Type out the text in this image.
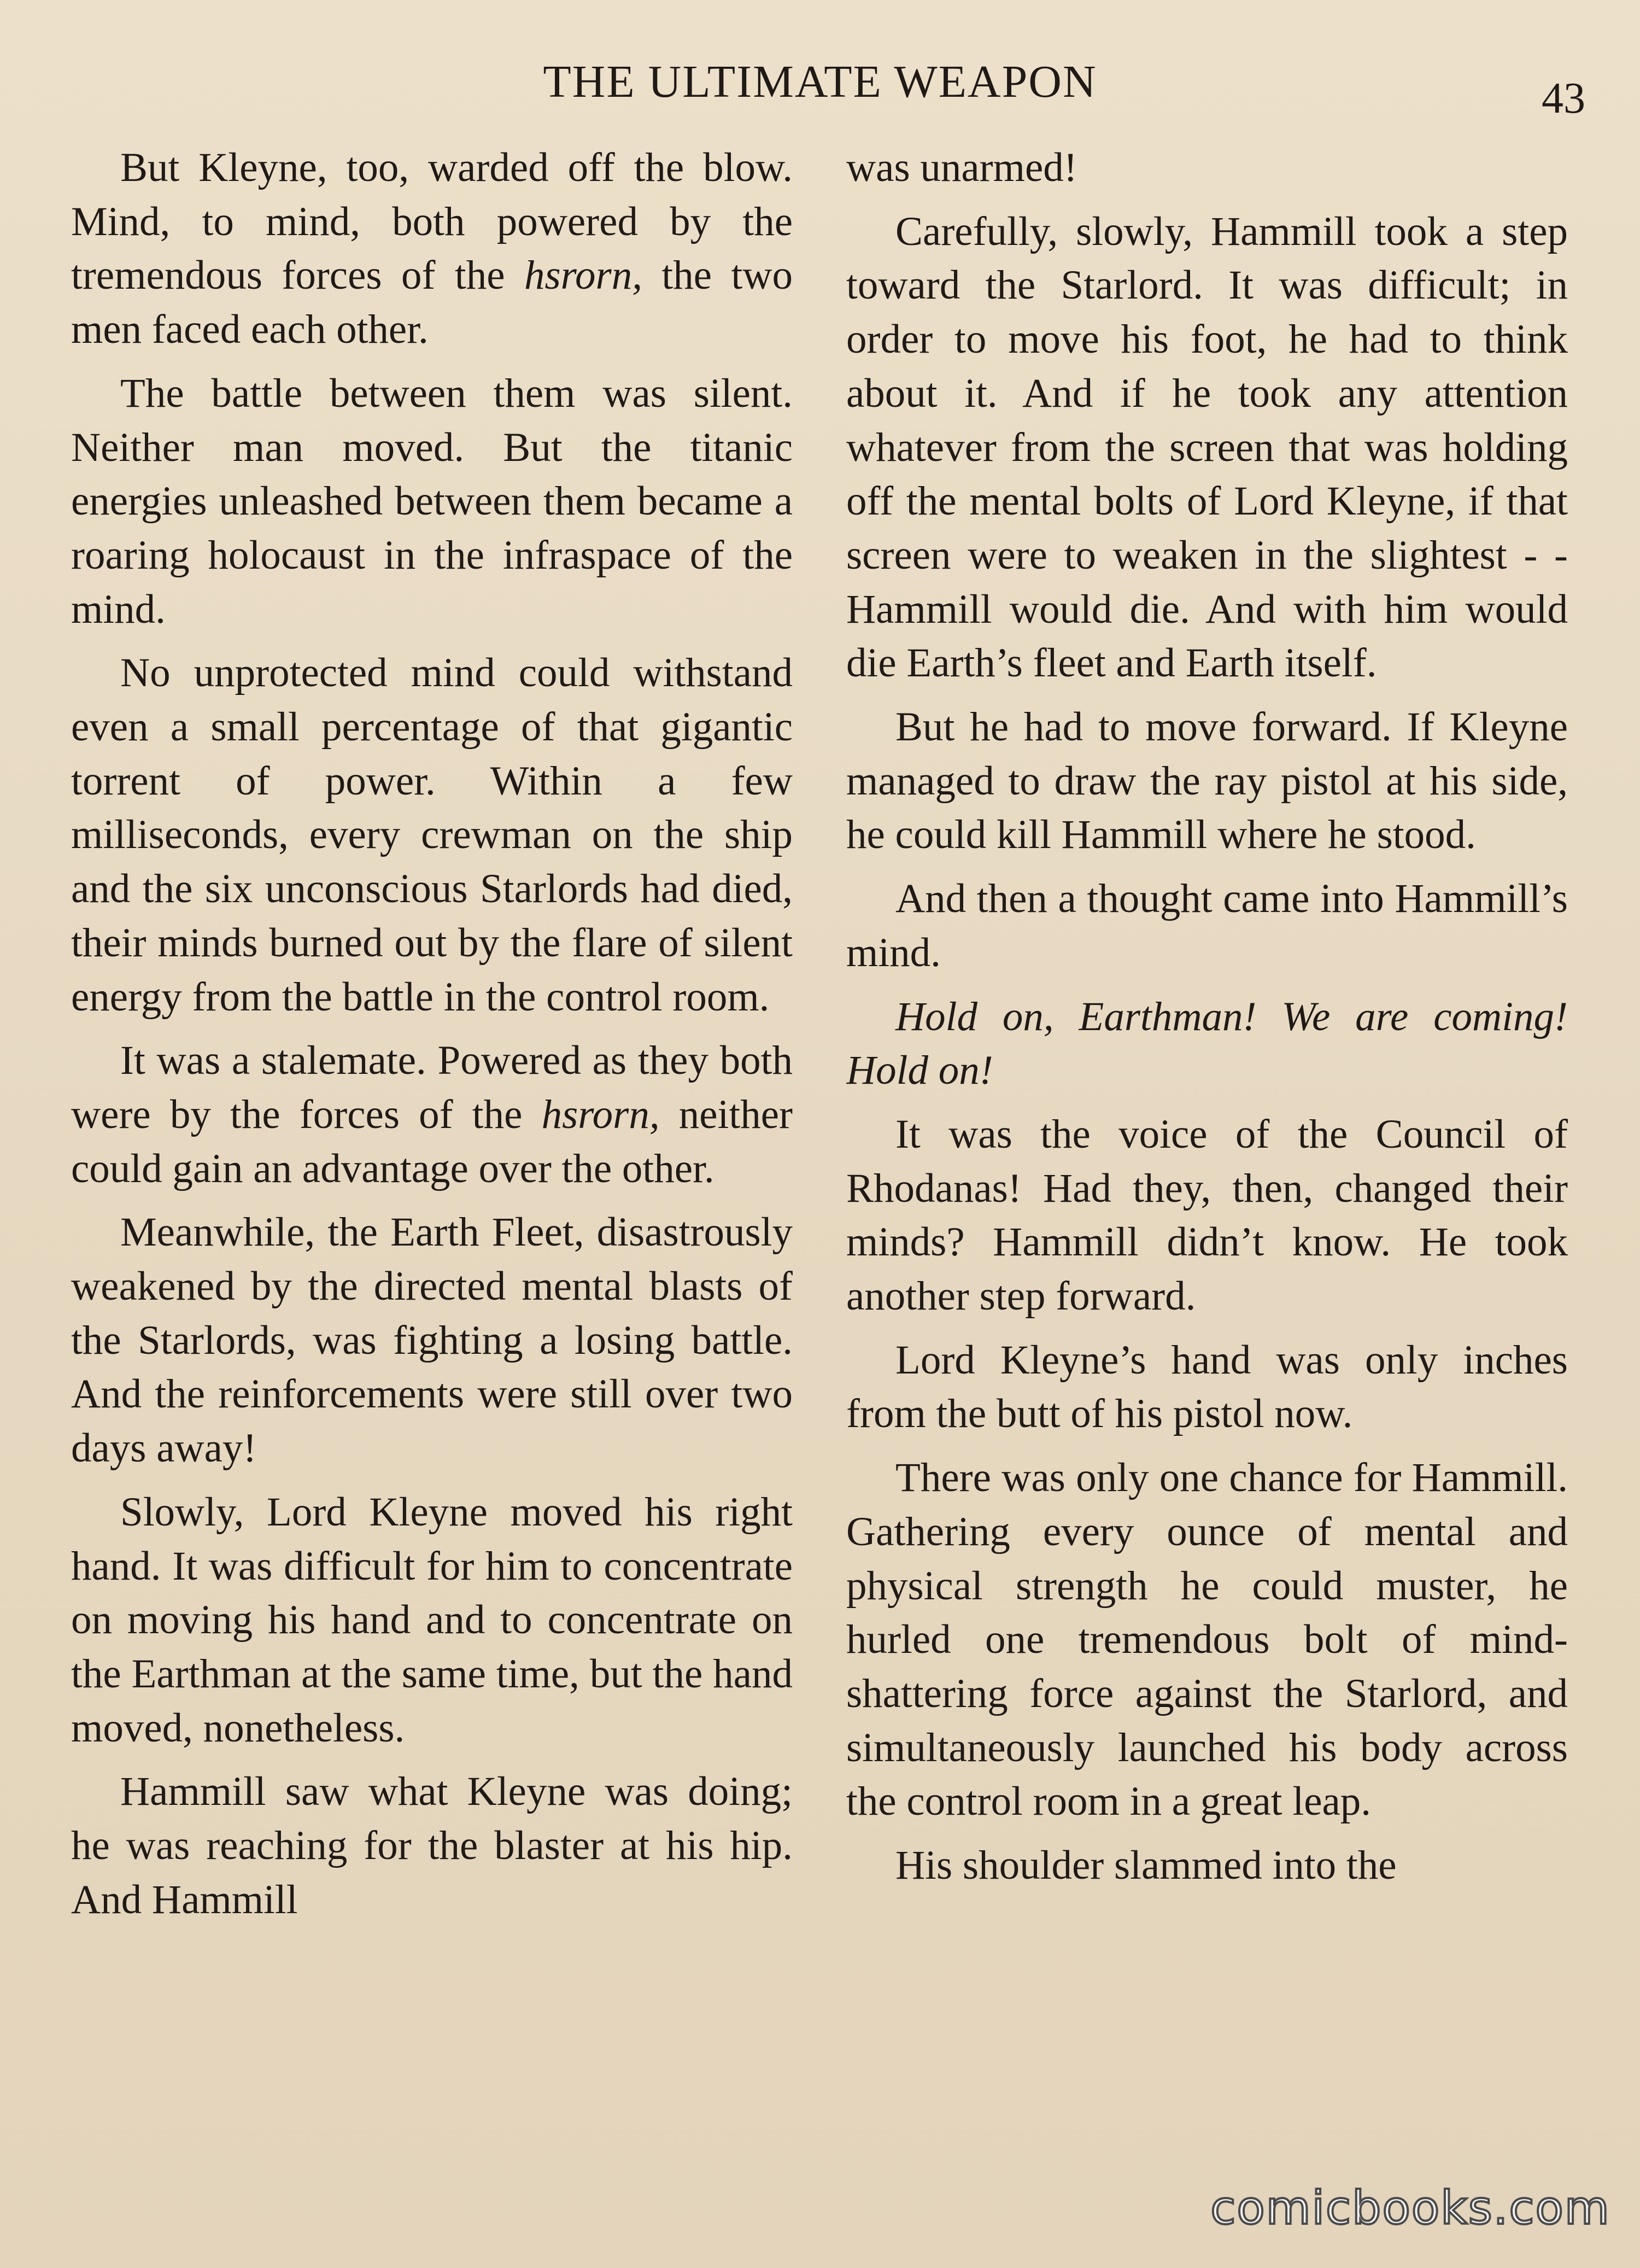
THE ULTIMATE WEAPON	43

But Kleyne, too, warded off the blow. Mind, to mind, both powered by the tremendous forces of the hsrorn, the two men faced each other.

The battle between them was silent. Neither man moved. But the titanic energies unleashed between them became a roaring holocaust in the infraspace of the mind.

No unprotected mind could withstand even a small percentage of that gigantic torrent of power. Within a few milliseconds, every crewman on the ship and the six unconscious Starlords had died, their minds burned out by the flare of silent energy from the battle in the control room.

It was a stalemate. Powered as they both were by the forces of the hsrorn, neither could gain an advantage over the other.

Meanwhile, the Earth Fleet, disastrously weakened by the directed mental blasts of the Starlords, was fighting a losing battle. And the reinforcements were still over two days away!

Slowly, Lord Kleyne moved his right hand. It was difficult for him to concentrate on moving his hand and to concentrate on the Earthman at the same time, but the hand moved, nonetheless.

Hammill saw what Kleyne was doing; he was reaching for the blaster at his hip. And Hammill

was unarmed!

Carefully, slowly, Hammill took a step toward the Starlord. It was difficult; in order to move his foot, he had to think about it. And if he took any attention whatever from the screen that was holding off the mental bolts of Lord Kleyne, if that screen were to weaken in the slightest - - Hammill would die. And with him would die Earth’s fleet and Earth itself.

But he had to move forward. If Kleyne managed to draw the ray pistol at his side, he could kill Hammill where he stood.

And then a thought came into Hammill’s mind.

Hold on, Earthman! We are coming! Hold on!

It was the voice of the Council of Rhodanas! Had they, then, changed their minds? Hammill didn’t know. He took another step forward.

Lord Kleyne’s hand was only inches from the butt of his pistol now.

There was only one chance for Hammill. Gathering every ounce of mental and physical strength he could muster, he hurled one tremendous bolt of mind-shattering force against the Starlord, and simultaneously launched his body across the control room in a great leap.

His shoulder slammed into the

comicbooks.com
